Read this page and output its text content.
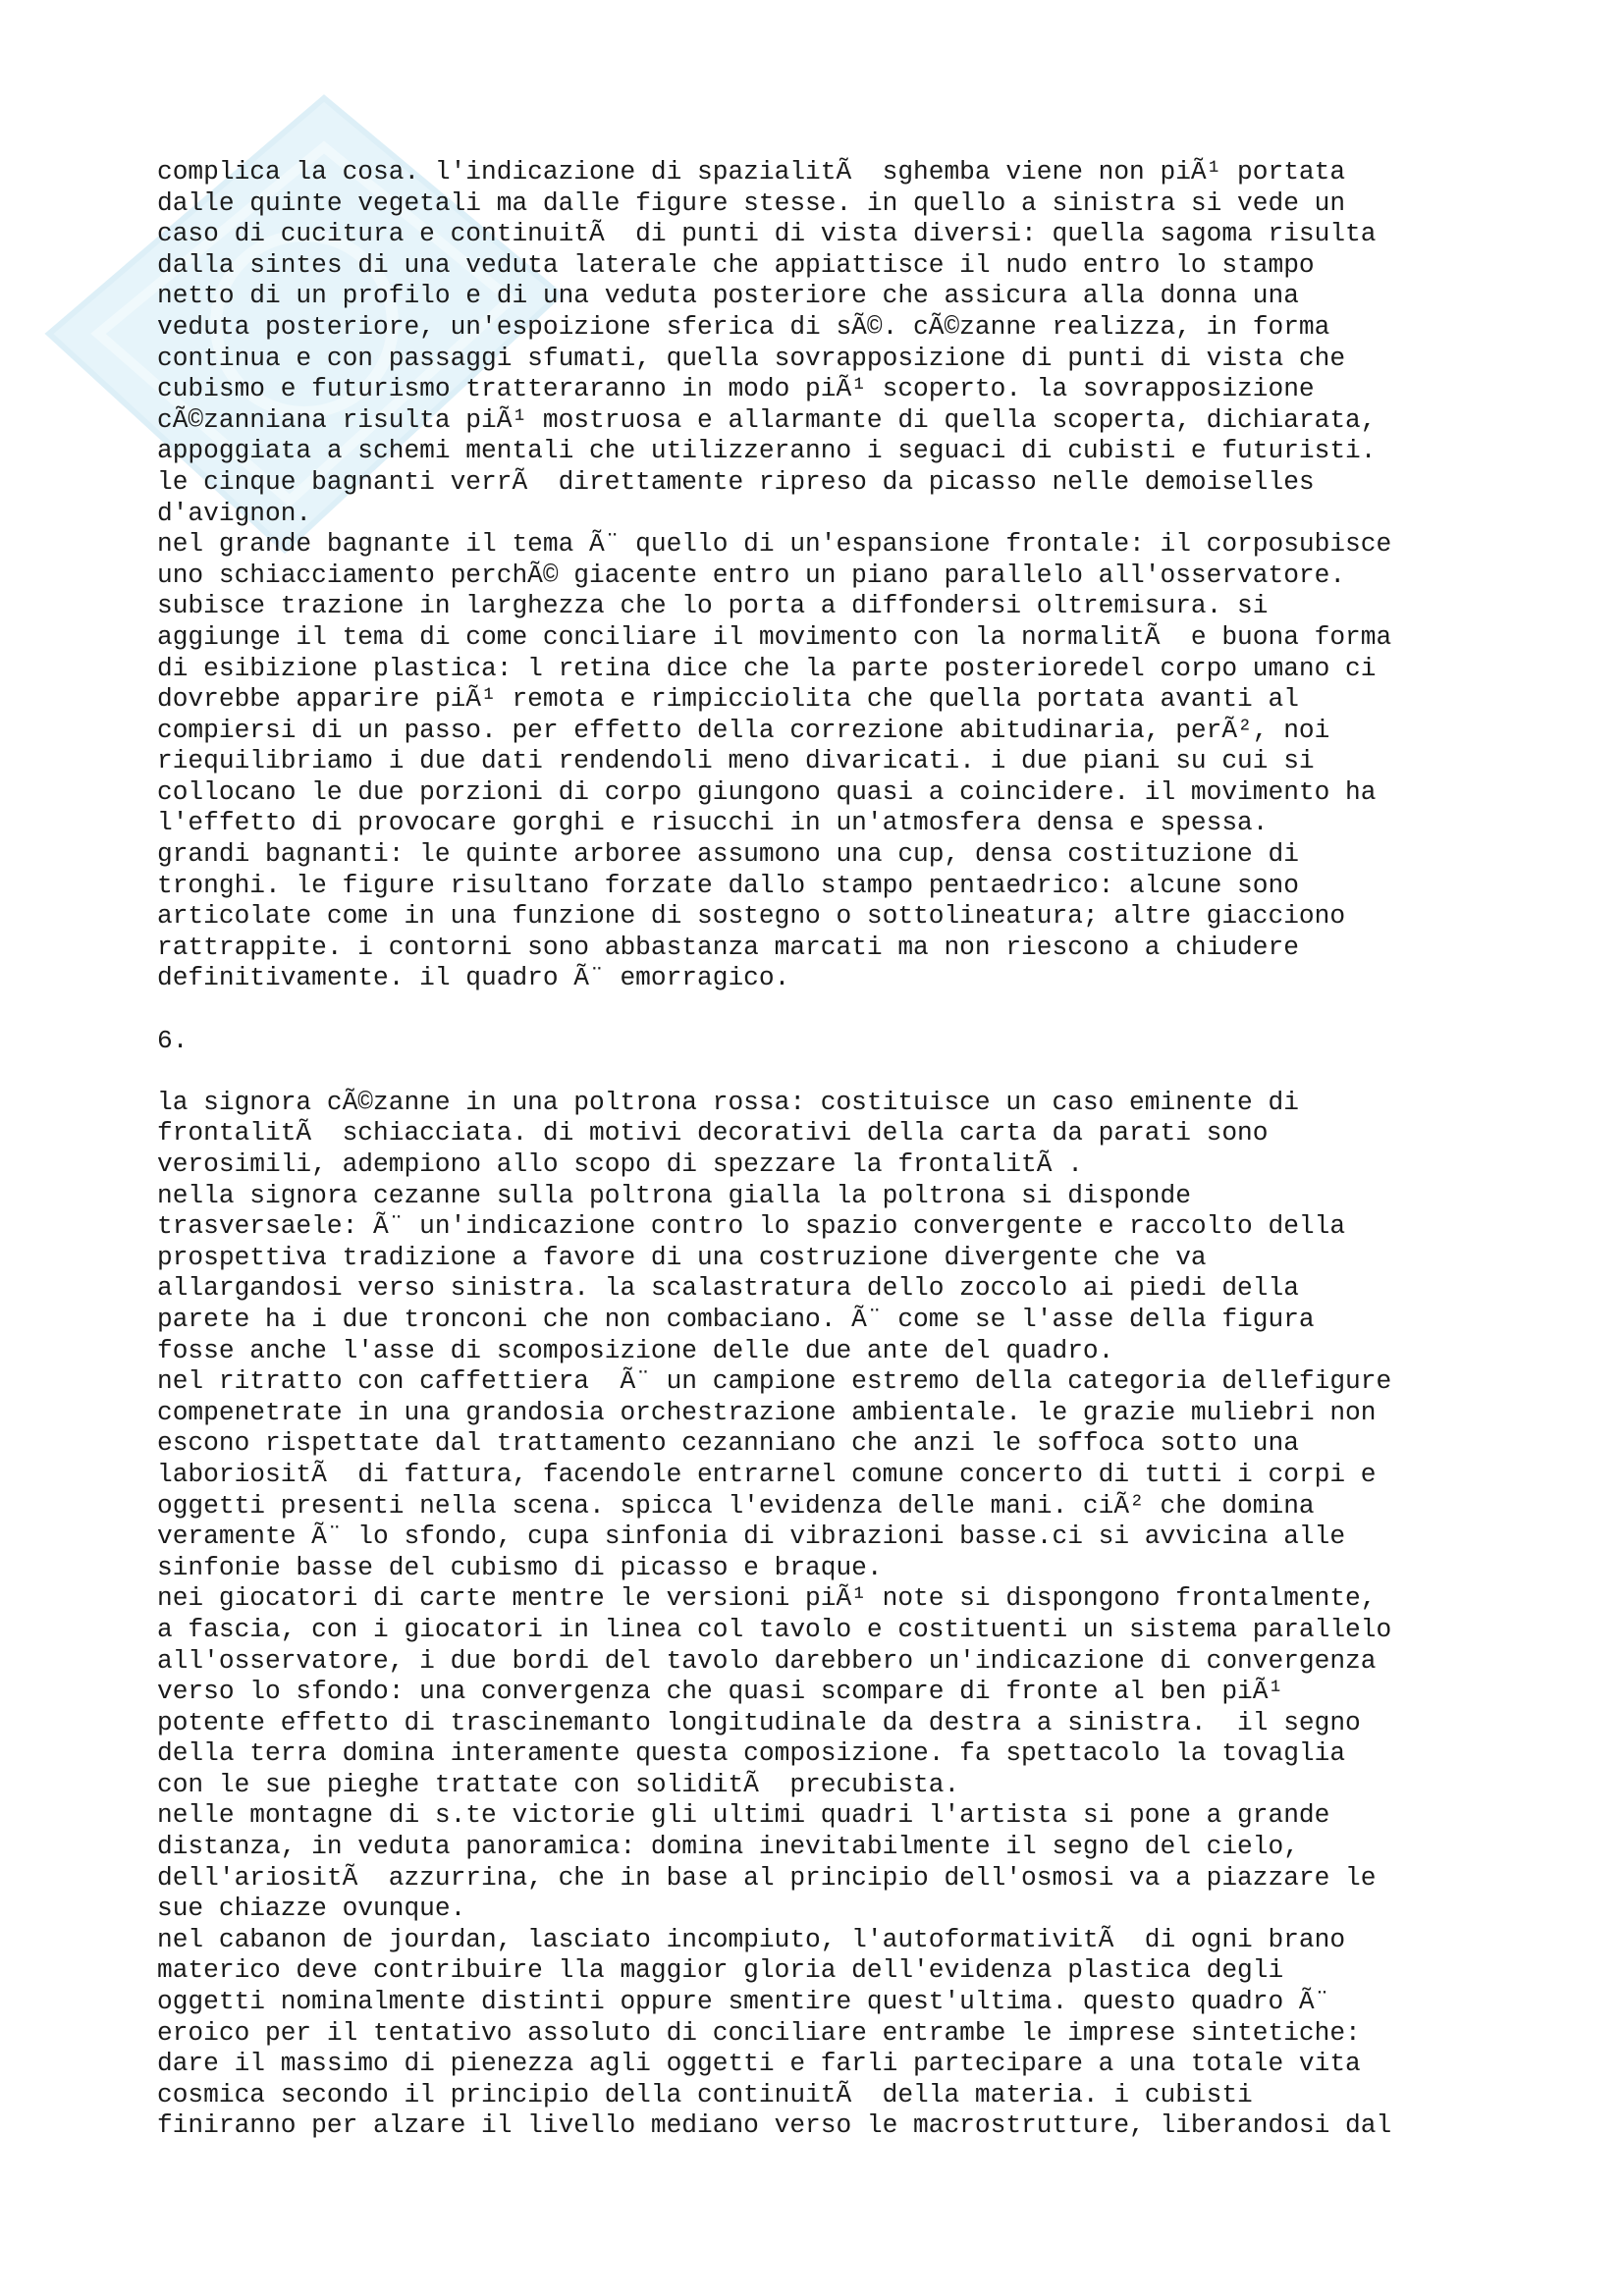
complica la cosa. l'indicazione di spazialitÃ  sghemba viene non piÃ¹ portata
dalle quinte vegetali ma dalle figure stesse. in quello a sinistra si vede un
caso di cucitura e continuitÃ  di punti di vista diversi: quella sagoma risulta
dalla sintes di una veduta laterale che appiattisce il nudo entro lo stampo
netto di un profilo e di una veduta posteriore che assicura alla donna una
veduta posteriore, un'espoizione sferica di sÃ©. cÃ©zanne realizza, in forma
continua e con passaggi sfumati, quella sovrapposizione di punti di vista che
cubismo e futurismo tratteraranno in modo piÃ¹ scoperto. la sovrapposizione
cÃ©zanniana risulta piÃ¹ mostruosa e allarmante di quella scoperta, dichiarata,
appoggiata a schemi mentali che utilizzeranno i seguaci di cubisti e futuristi.
le cinque bagnanti verrÃ  direttamente ripreso da picasso nelle demoiselles
d'avignon.
nel grande bagnante il tema Ã¨ quello di un'espansione frontale: il corposubisce
uno schiacciamento perchÃ© giacente entro un piano parallelo all'osservatore.
subisce trazione in larghezza che lo porta a diffondersi oltremisura. si
aggiunge il tema di come conciliare il movimento con la normalitÃ  e buona forma
di esibizione plastica: l retina dice che la parte posterioredel corpo umano ci
dovrebbe apparire piÃ¹ remota e rimpicciolita che quella portata avanti al
compiersi di un passo. per effetto della correzione abitudinaria, perÃ², noi
riequilibriamo i due dati rendendoli meno divaricati. i due piani su cui si
collocano le due porzioni di corpo giungono quasi a coincidere. il movimento ha
l'effetto di provocare gorghi e risucchi in un'atmosfera densa e spessa.
grandi bagnanti: le quinte arboree assumono una cup, densa costituzione di
tronghi. le figure risultano forzate dallo stampo pentaedrico: alcune sono
articolate come in una funzione di sostegno o sottolineatura; altre giacciono
rattrappite. i contorni sono abbastanza marcati ma non riescono a chiudere
definitivamente. il quadro Ã¨ emorragico.
6.
la signora cÃ©zanne in una poltrona rossa: costituisce un caso eminente di
frontalitÃ  schiacciata. di motivi decorativi della carta da parati sono
verosimili, adempiono allo scopo di spezzare la frontalitÃ .
nella signora cezanne sulla poltrona gialla la poltrona si disponde
trasversaele: Ã¨ un'indicazione contro lo spazio convergente e raccolto della
prospettiva tradizione a favore di una costruzione divergente che va
allargandosi verso sinistra. la scalastratura dello zoccolo ai piedi della
parete ha i due tronconi che non combaciano. Ã¨ come se l'asse della figura
fosse anche l'asse di scomposizione delle due ante del quadro.
nel ritratto con caffettiera  Ã¨ un campione estremo della categoria dellefigure
compenetrate in una grandosia orchestrazione ambientale. le grazie muliebri non
escono rispettate dal trattamento cezanniano che anzi le soffoca sotto una
laboriositÃ  di fattura, facendole entrarnel comune concerto di tutti i corpi e
oggetti presenti nella scena. spicca l'evidenza delle mani. ciÃ² che domina
veramente Ã¨ lo sfondo, cupa sinfonia di vibrazioni basse.ci si avvicina alle
sinfonie basse del cubismo di picasso e braque.
nei giocatori di carte mentre le versioni piÃ¹ note si dispongono frontalmente,
a fascia, con i giocatori in linea col tavolo e costituenti un sistema parallelo
all'osservatore, i due bordi del tavolo darebbero un'indicazione di convergenza
verso lo sfondo: una convergenza che quasi scompare di fronte al ben piÃ¹
potente effetto di trascinemanto longitudinale da destra a sinistra.  il segno
della terra domina interamente questa composizione. fa spettacolo la tovaglia
con le sue pieghe trattate con soliditÃ  precubista.
nelle montagne di s.te victorie gli ultimi quadri l'artista si pone a grande
distanza, in veduta panoramica: domina inevitabilmente il segno del cielo,
dell'ariositÃ  azzurrina, che in base al principio dell'osmosi va a piazzare le
sue chiazze ovunque.
nel cabanon de jourdan, lasciato incompiuto, l'autoformativitÃ  di ogni brano
materico deve contribuire lla maggior gloria dell'evidenza plastica degli
oggetti nominalmente distinti oppure smentire quest'ultima. questo quadro Ã¨
eroico per il tentativo assoluto di conciliare entrambe le imprese sintetiche:
dare il massimo di pienezza agli oggetti e farli partecipare a una totale vita
cosmica secondo il principio della continuitÃ  della materia. i cubisti
finiranno per alzare il livello mediano verso le macrostrutture, liberandosi dal
